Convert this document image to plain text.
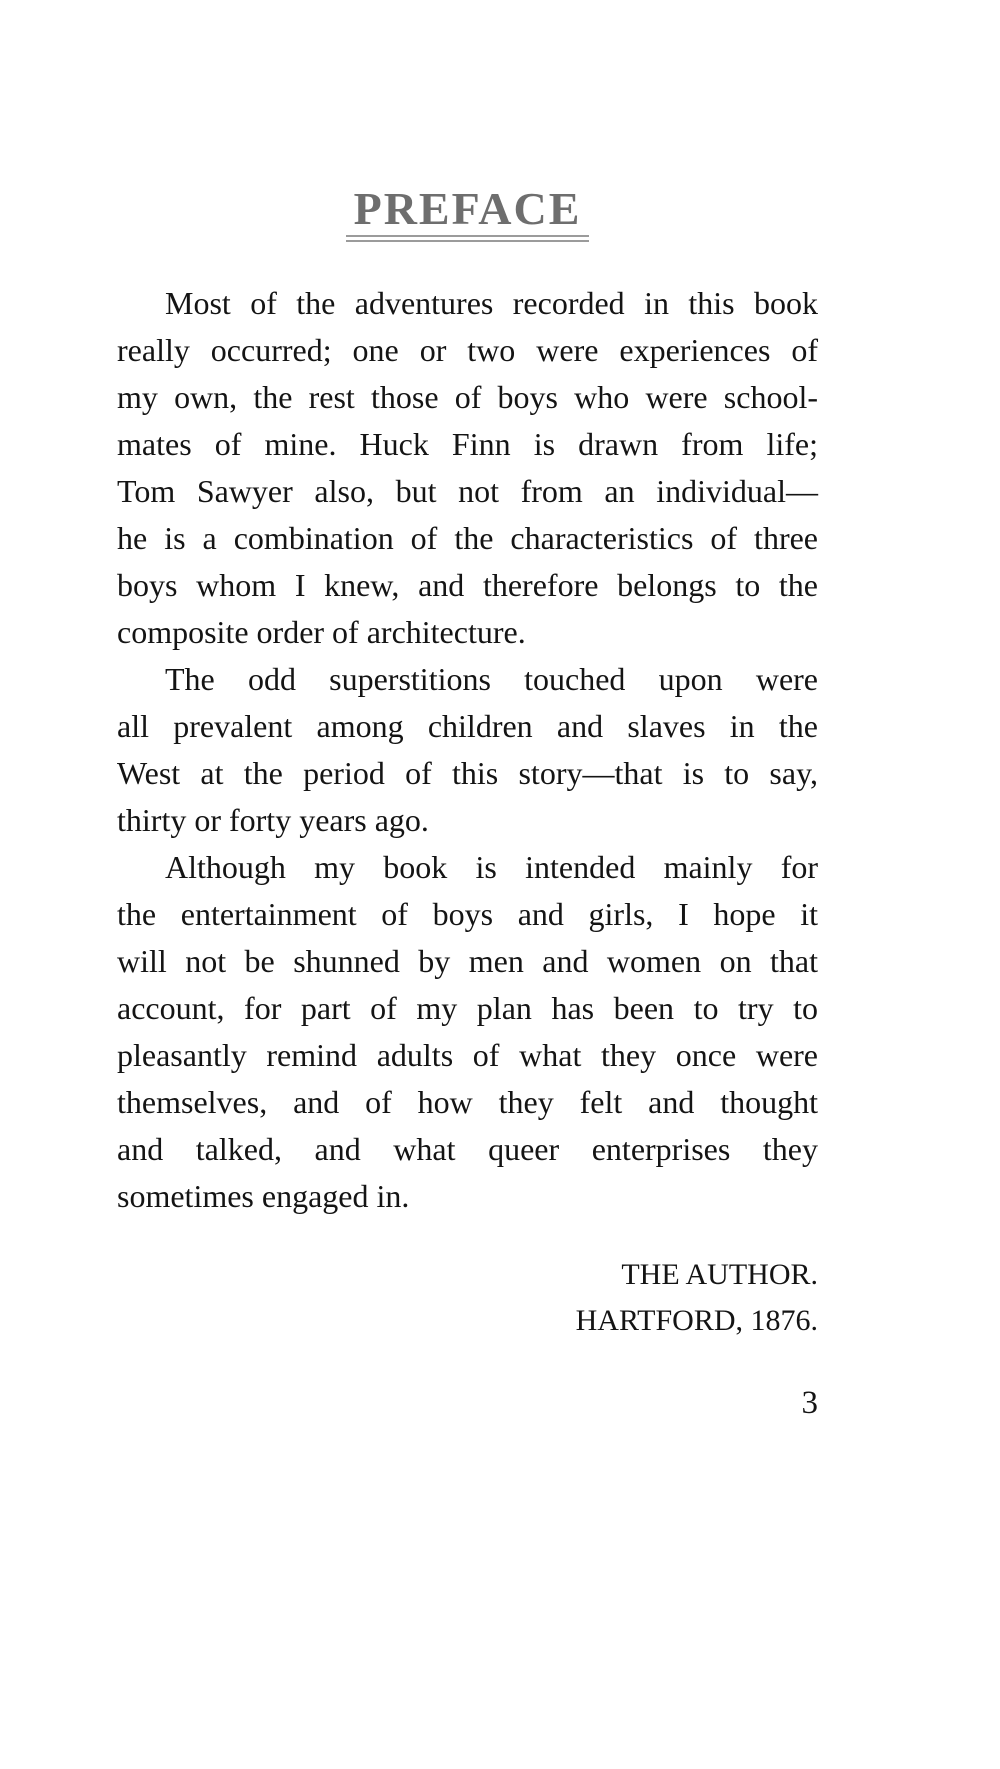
PREFACE
Most of the adventures recorded in this book
really occurred; one or two were experiences of
my own, the rest those of boys who were school-
mates of mine. Huck Finn is drawn from life;
Tom Sawyer also, but not from an individual—
he is a combination of the characteristics of three
boys whom I knew, and therefore belongs to the
composite order of architecture.
The odd superstitions touched upon were
all prevalent among children and slaves in the
West at the period of this story—that is to say,
thirty or forty years ago.
Although my book is intended mainly for
the entertainment of boys and girls, I hope it
will not be shunned by men and women on that
account, for part of my plan has been to try to
pleasantly remind adults of what they once were
themselves, and of how they felt and thought
and talked, and what queer enterprises they
sometimes engaged in.
THE AUTHOR.
HARTFORD, 1876.
3
